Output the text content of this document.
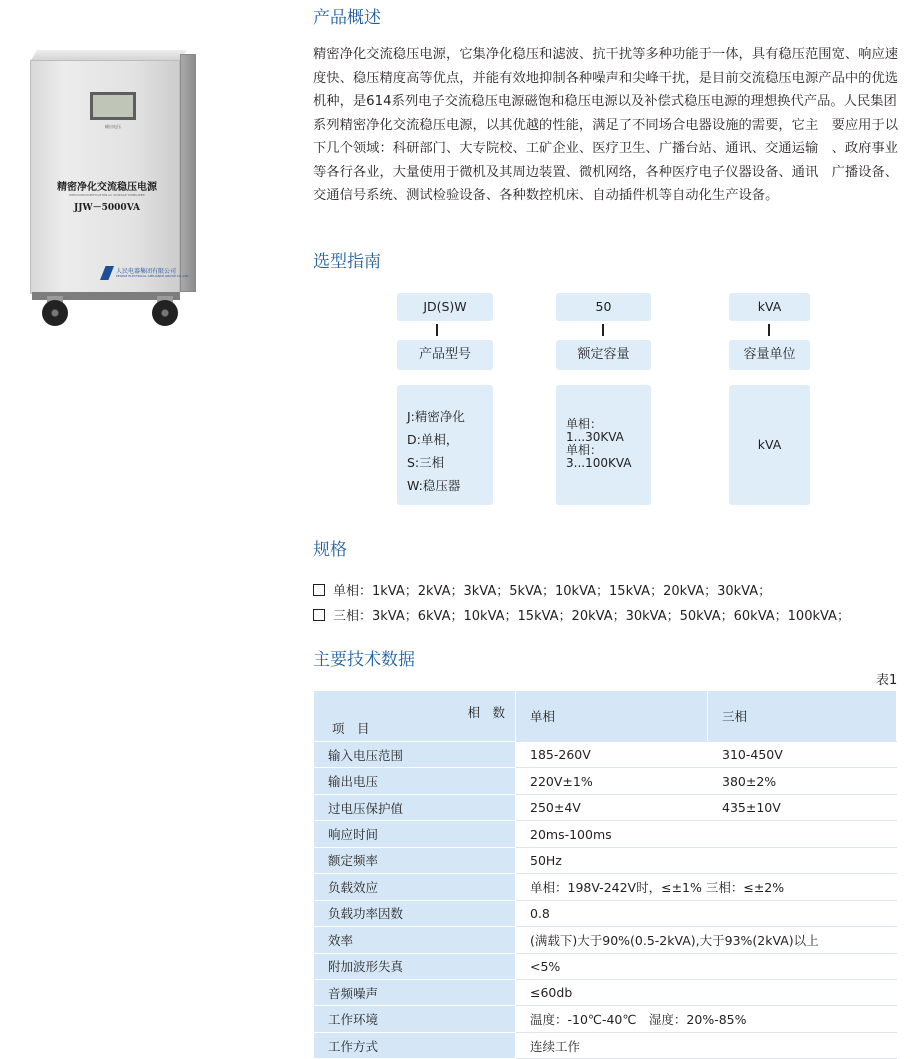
输出电压
精密净化交流稳压电源
PRECISION PURIFICATION AC VOLTAGE STABILIZER
JJW－5000VA
人民电器集团有限公司
PEOPLE ELECTRICAL APPLIANCE GROUP CO.,LTD.
产品概述
精密净化交流稳压电源，它集净化稳压和滤波、抗干扰等多种功能于一体，具有稳压范围宽、响应速度快、稳压精度高等优点，并能有效地抑制各种噪声和尖峰干扰，是目前交流稳压电源产品中的优选机种，是614系列电子交流稳压电源磁饱和稳压电源以及补偿式稳压电源的理想换代产品。人民集团系列精密净化交流稳压电源，以其优越的性能，满足了不同场合电器设施的需要，它主　要应用于以下几个领域：科研部门、大专院校、工矿企业、医疗卫生、广播台站、通讯、交通运输　、政府事业等各行各业，大量使用于微机及其周边装置、微机网络，各种医疗电子仪器设备、通讯　广播设备、交通信号系统、测试检验设备、各种数控机床、自动插件机等自动化生产设备。
选型指南
JD(S)W
产品型号
J:精密净化
D:单相，
S:三相
W:稳压器
50
额定容量
单相：
1...30KVA
单相：
3...100KVA
kVA
容量单位
kVA
规格
单相：1kVA；2kVA；3kVA；5kVA；10kVA；15kVA；20kVA；30kVA；
三相：3kVA；6kVA；10kVA；15kVA；20kVA；30kVA；50kVA；60kVA；100kVA；
主要技术数据
表1
相　数
项　目	单相	三相
输入电压范围	185-260V	310-450V
输出电压	220V±1%	380±2%
过电压保护值	250±4V	435±10V
响应时间	20ms-100ms	
额定频率	50Hz	
负载效应	单相：198V-242V时，≤±1% 三相：≤±2%	
负载功率因数	0.8	
效率	(满载下)大于90%(0.5-2kVA),大于93%(2kVA)以上	
附加波形失真	<5%	
音频噪声	≤60db	
工作环境	温度：-10℃-40℃　湿度：20%-85%	
工作方式	连续工作	
